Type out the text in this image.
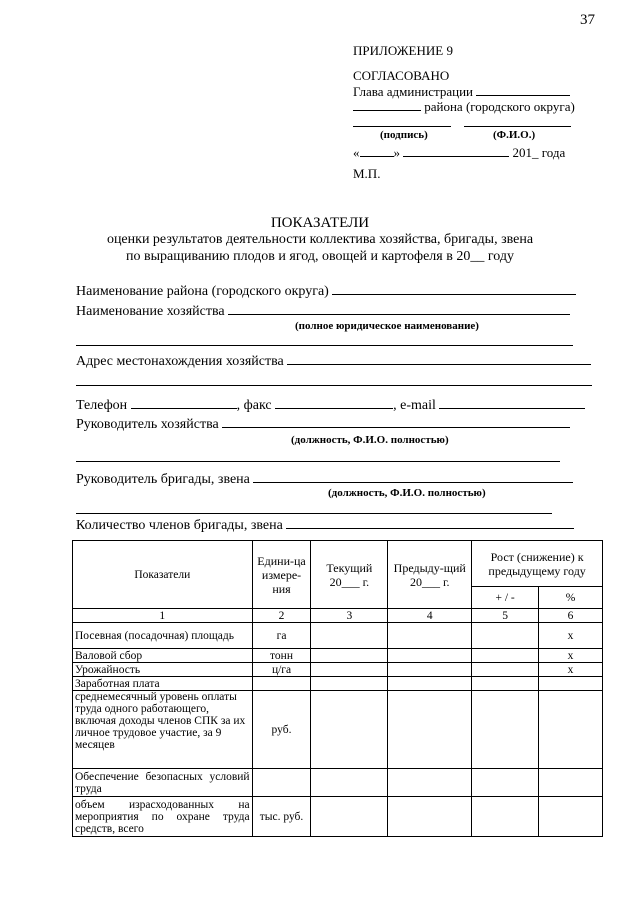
37
ПРИЛОЖЕНИЕ 9
СОГЛАСОВАНО
Глава администрации
района (городского округа)
(подпись)	(Ф.И.О.)
«	»	201_ года
М.П.
ПОКАЗАТЕЛИ
оценки результатов деятельности коллектива хозяйства, бригады, звена
по выращиванию плодов и ягод, овощей и картофеля в 20__ году
Наименование района (городского округа)
Наименование хозяйства
(полное юридическое наименование)
Адрес местонахождения хозяйства
Телефон	, факс	, e-mail
Руководитель хозяйства
(должность, Ф.И.О. полностью)
Руководитель бригады, звена
(должность, Ф.И.О. полностью)
Количество членов бригады, звена
Показатели	Едини-ца измере-ния	Текущий 20___ г.	Предыду-щий 20___ г.	Рост (снижение) к предыдущему году	
				+ / -	%
1	2	3	4	5	6
Посевная (посадочная) площадь	га				x
Валовой сбор	тонн				x
Урожайность	ц/га				x
Заработная плата					
среднемесячный уровень оплаты труда одного работающего, включая доходы членов СПК за их личное трудовое участие, за 9 месяцев	руб.				
Обеспечение безопасных условий труда					
объем израсходованных на мероприятия по охране труда средств, всего	тыс. руб.				
